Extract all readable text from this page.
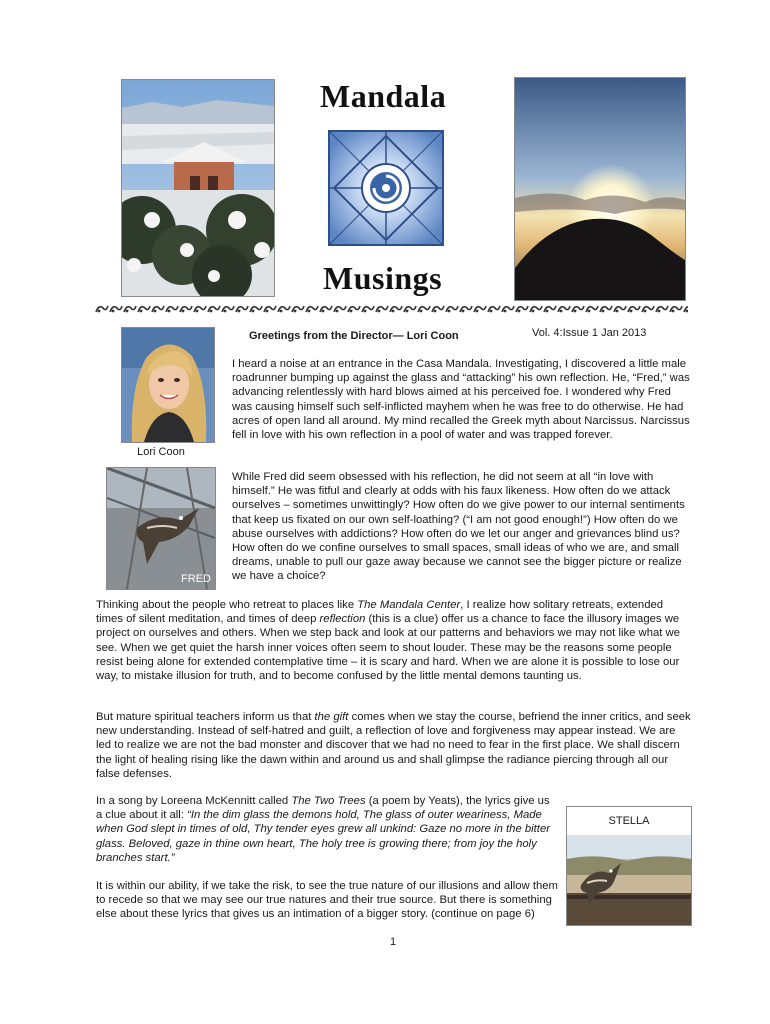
Mandala
Musings
Greetings from the Director— Lori Coon	Vol. 4:Issue 1 Jan 2013
Lori Coon
FRED
I heard a noise at an entrance in the Casa Mandala. Investigating, I discovered a little male roadrunner bumping up against the glass and “attacking” his own reflection. He, “Fred,” was advancing relentlessly with hard blows aimed at his perceived foe. I wondered why Fred was causing himself such self-inflicted mayhem when he was free to do otherwise. He had acres of open land all around. My mind recalled the Greek myth about Narcissus. Narcissus fell in love with his own reflection in a pool of water and was trapped forever.
While Fred did seem obsessed with his reflection, he did not seem at all “in love with himself.” He was fitful and clearly at odds with his faux likeness. How often do we attack ourselves – sometimes unwittingly? How often do we give power to our internal sentiments that keep us fixated on our own self-loathing? (“I am not good enough!”) How often do we abuse ourselves with addictions? How often do we let our anger and grievances blind us? How often do we confine ourselves to small spaces, small ideas of who we are, and small dreams, unable to pull our gaze away because we cannot see the bigger picture or realize we have a choice?

Thinking about the people who retreat to places like The Mandala Center, I realize how solitary retreats, extended times of silent meditation, and times of deep reflection (this is a clue) offer us a chance to face the illusory images we project on ourselves and others. When we step back and look at our patterns and behaviors we may not like what we see. When we get quiet the harsh inner voices often seem to shout louder. These may be the reasons some people resist being alone for extended contemplative time – it is scary and hard. When we are alone it is possible to lose our way, to mistake illusion for truth, and to become confused by the little mental demons taunting us.

But mature spiritual teachers inform us that the gift comes when we stay the course, befriend the inner critics, and seek new understanding. Instead of self-hatred and guilt, a reflection of love and forgiveness may appear instead. We are led to realize we are not the bad monster and discover that we had no need to fear in the first place. We shall discern the light of healing rising like the dawn within and around us and shall glimpse the radiance piercing through all our false defenses.

In a song by Loreena McKennitt called The Two Trees (a poem by Yeats), the lyrics give us a clue about it all: “In the dim glass the demons hold, The glass of outer weariness, Made when God slept in times of old, Thy tender eyes grew all unkind: Gaze no more in the bitter glass. Beloved, gaze in thine own heart, The holy tree is growing there; from joy the holy branches start.”

It is within our ability, if we take the risk, to see the true nature of our illusions and allow them to recede so that we may see our true natures and their true source. But there is something else about these lyrics that gives us an intimation of a bigger story. (continue on page 6)

STELLA
1
